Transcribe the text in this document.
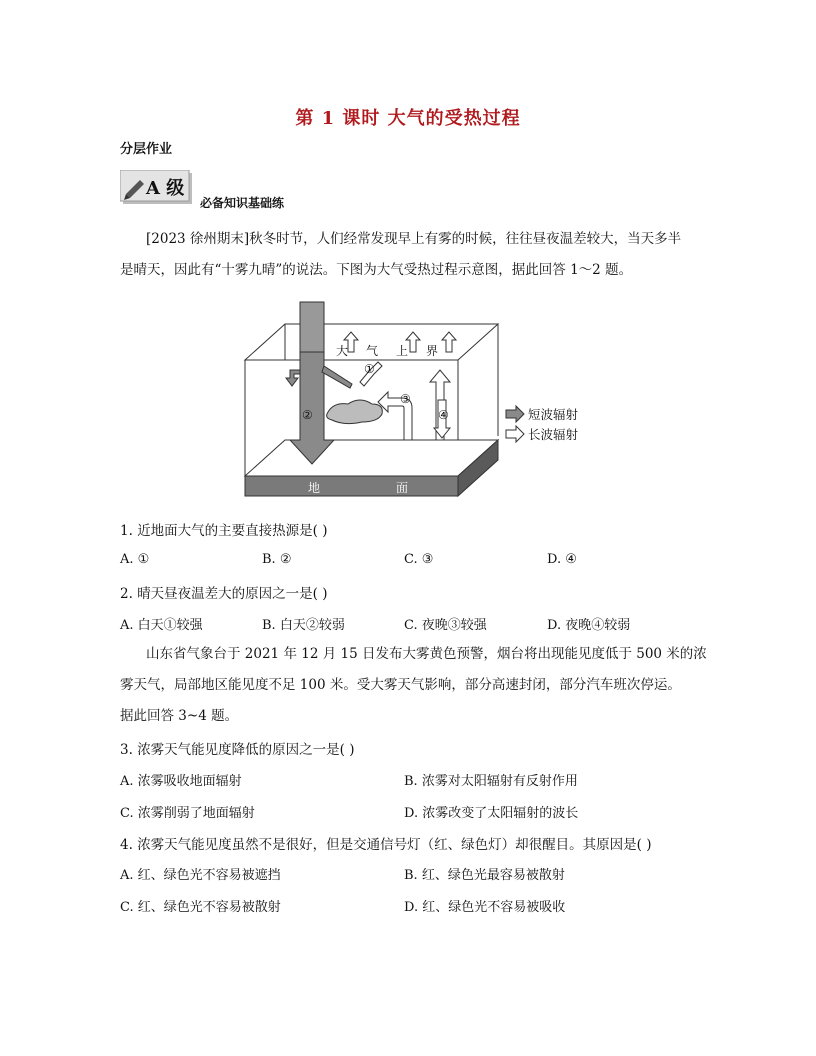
第 1 课时 大气的受热过程
分层作业
A 级
必备知识基础练
[2023 徐州期末]秋冬时节，人们经常发现早上有雾的时候，往往昼夜温差较大，当天多半
是晴天，因此有“十雾九晴”的说法。下图为大气受热过程示意图，据此回答 1～2 题。
大气上界
①
②
③
④
地	面
短波辐射
长波辐射
1. 近地面大气的主要直接热源是( )
A. ①	B. ②	C. ③	D. ④
2. 晴天昼夜温差大的原因之一是( )
A. 白天①较强	B. 白天②较弱	C. 夜晚③较强	D. 夜晚④较弱
山东省气象台于 2021 年 12 月 15 日发布大雾黄色预警，烟台将出现能见度低于 500 米的浓
雾天气，局部地区能见度不足 100 米。受大雾天气影响，部分高速封闭，部分汽车班次停运。
据此回答 3~4 题。
3. 浓雾天气能见度降低的原因之一是( )
A. 浓雾吸收地面辐射	B. 浓雾对太阳辐射有反射作用
C. 浓雾削弱了地面辐射	D. 浓雾改变了太阳辐射的波长
4. 浓雾天气能见度虽然不是很好，但是交通信号灯（红、绿色灯）却很醒目。其原因是( )
A. 红、绿色光不容易被遮挡	B. 红、绿色光最容易被散射
C. 红、绿色光不容易被散射	D. 红、绿色光不容易被吸收
